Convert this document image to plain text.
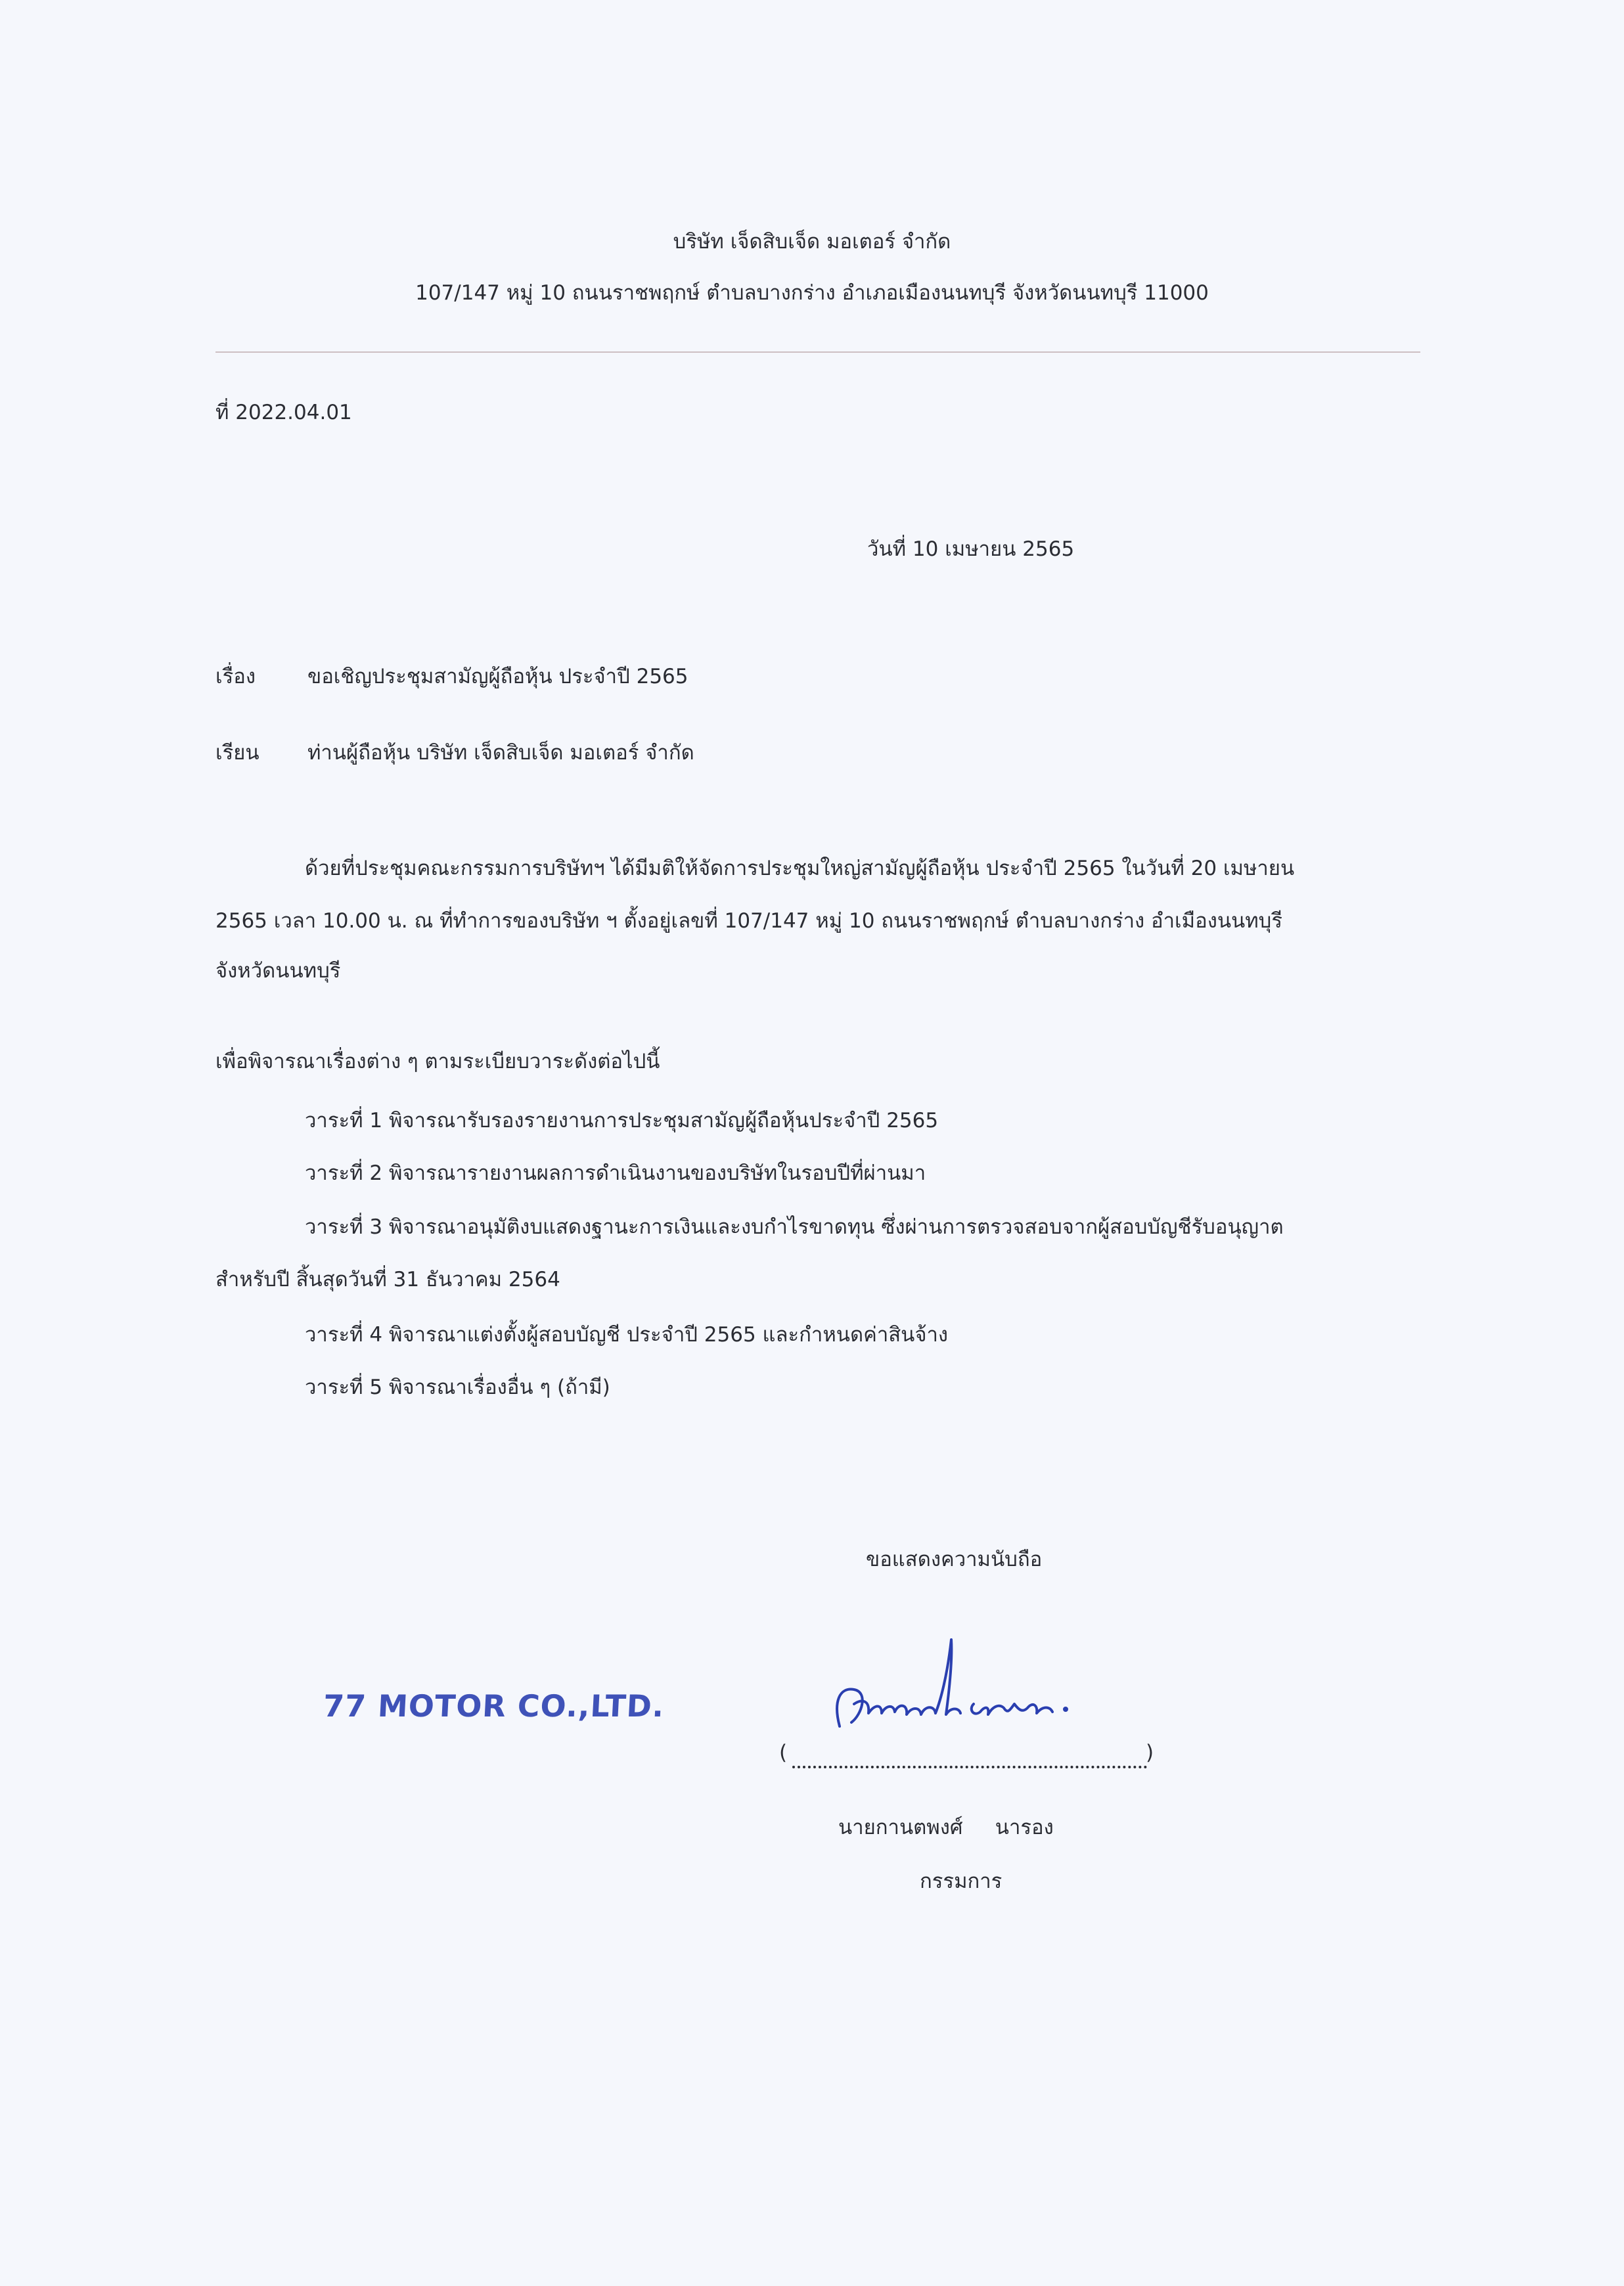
บริษัท เจ็ดสิบเจ็ด มอเตอร์ จำกัด
107/147 หมู่ 10 ถนนราชพฤกษ์ ตำบลบางกร่าง อำเภอเมืองนนทบุรี จังหวัดนนทบุรี 11000
ที่ 2022.04.01
วันที่ 10 เมษายน 2565
เรื่อง	ขอเชิญประชุมสามัญผู้ถือหุ้น ประจำปี 2565
เรียน ท่านผู้ถือหุ้น บริษัท เจ็ดสิบเจ็ด มอเตอร์ จำกัด
ด้วยที่ประชุมคณะกรรมการบริษัทฯ ได้มีมติให้จัดการประชุมใหญ่สามัญผู้ถือหุ้น ประจำปี 2565 ในวันที่ 20 เมษายน
2565 เวลา 10.00 น. ณ ที่ทำการของบริษัท ฯ ตั้งอยู่เลขที่ 107/147 หมู่ 10 ถนนราชพฤกษ์ ตำบลบางกร่าง อำเมืองนนทบุรี
จังหวัดนนทบุรี
เพื่อพิจารณาเรื่องต่าง ๆ ตามระเบียบวาระดังต่อไปนี้
วาระที่ 1 พิจารณารับรองรายงานการประชุมสามัญผู้ถือหุ้นประจำปี 2565
วาระที่ 2 พิจารณารายงานผลการดำเนินงานของบริษัทในรอบปีที่ผ่านมา
วาระที่ 3 พิจารณาอนุมัติงบแสดงฐานะการเงินและงบกำไรขาดทุน ซึ่งผ่านการตรวจสอบจากผู้สอบบัญชีรับอนุญาต
สำหรับปี สิ้นสุดวันที่ 31 ธันวาคม 2564
วาระที่ 4 พิจารณาแต่งตั้งผู้สอบบัญชี ประจำปี 2565 และกำหนดค่าสินจ้าง
วาระที่ 5 พิจารณาเรื่องอื่น ๆ (ถ้ามี)
ขอแสดงความนับถือ
77 MOTOR CO.,LTD.
(	)
นายกานตพงศ์     นารอง
กรรมการ
